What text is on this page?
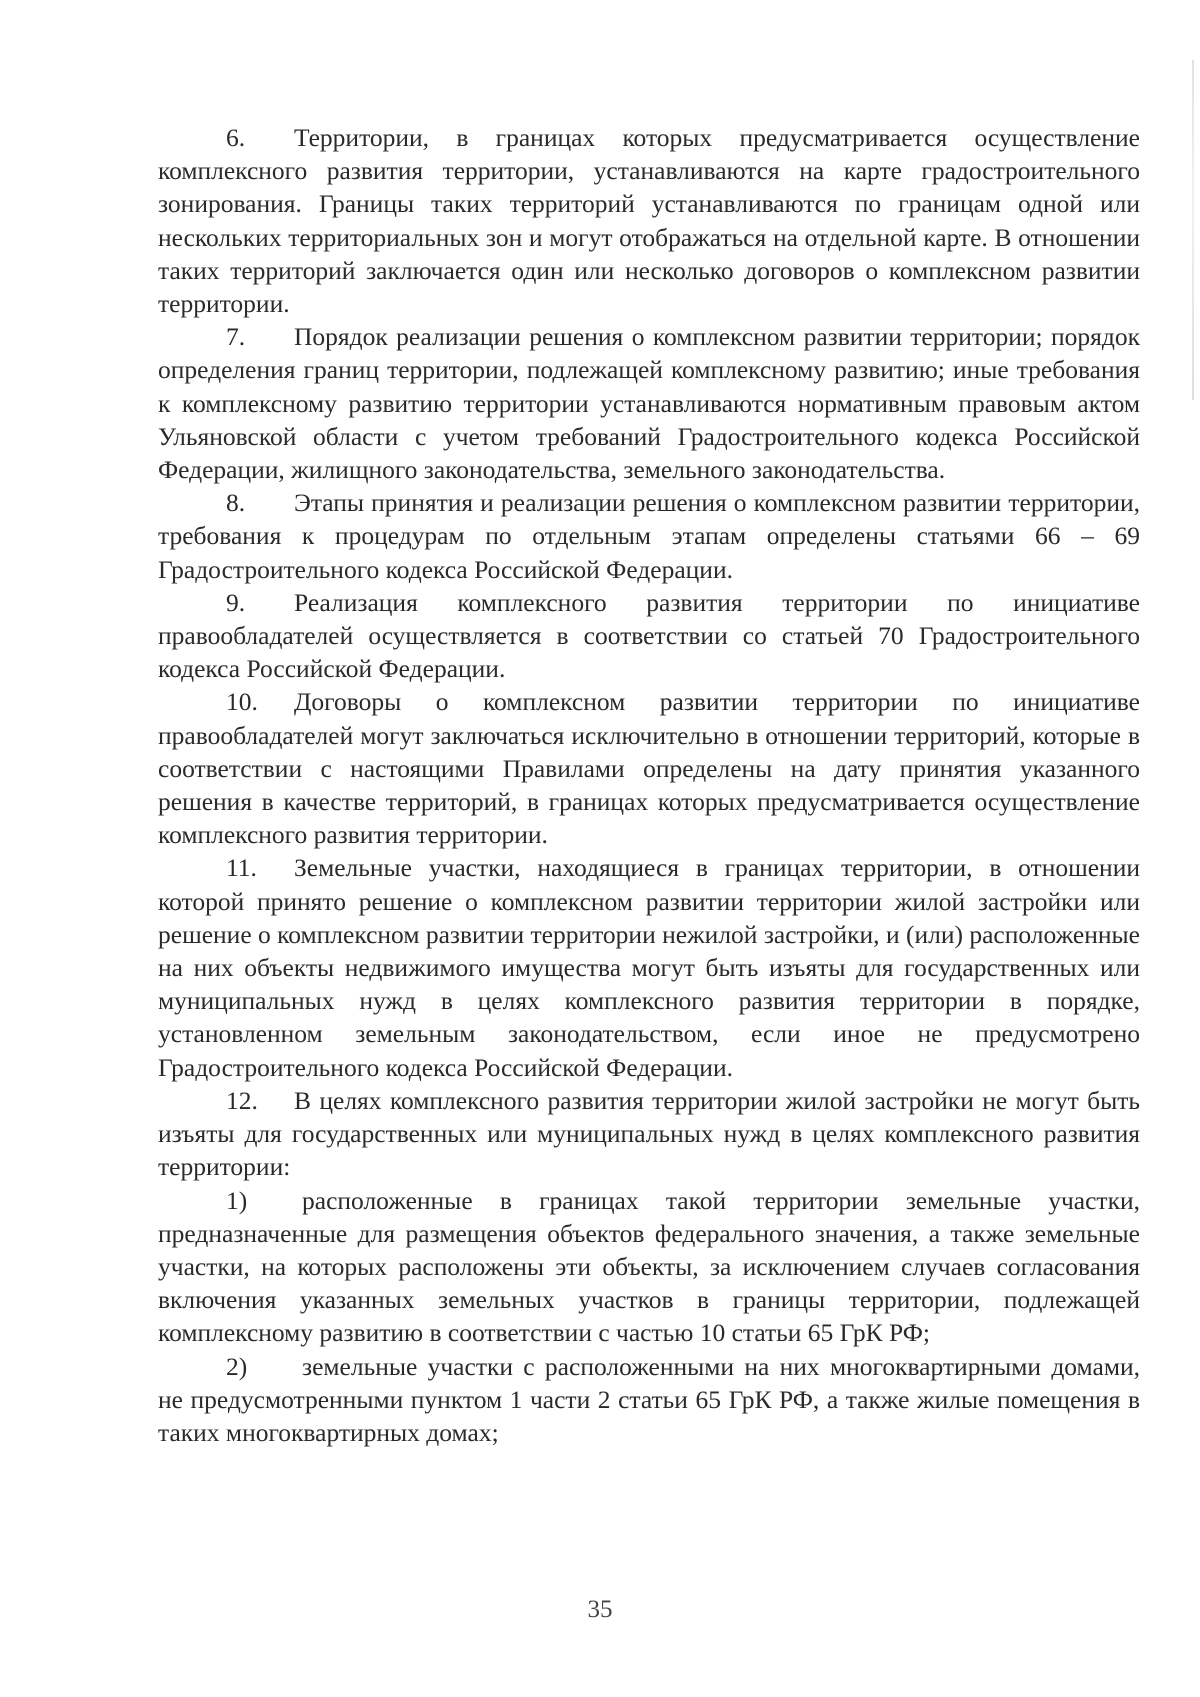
6. Территории, в границах которых предусматривается осуществление комплексного развития территории, устанавливаются на карте градостроительного зонирования. Границы таких территорий устанавливаются по границам одной или нескольких территориальных зон и могут отображаться на отдельной карте. В отношении таких территорий заключается один или несколько договоров о комплексном развитии территории.

7. Порядок реализации решения о комплексном развитии территории; порядок определения границ территории, подлежащей комплексному развитию; иные требования к комплексному развитию территории устанавливаются нормативным правовым актом Ульяновской области с учетом требований Градостроительного кодекса Российской Федерации, жилищного законодательства, земельного законодательства.

8. Этапы принятия и реализации решения о комплексном развитии территории, требования к процедурам по отдельным этапам определены статьями 66 – 69 Градостроительного кодекса Российской Федерации.

9. Реализация комплексного развития территории по инициативе правообладателей осуществляется в соответствии со статьей 70 Градостроительного кодекса Российской Федерации.

10. Договоры о комплексном развитии территории по инициативе правообладателей могут заключаться исключительно в отношении территорий, которые в соответствии с настоящими Правилами определены на дату принятия указанного решения в качестве территорий, в границах которых предусматривается осуществление комплексного развития территории.

11. Земельные участки, находящиеся в границах территории, в отношении которой принято решение о комплексном развитии территории жилой застройки или решение о комплексном развитии территории нежилой застройки, и (или) расположенные на них объекты недвижимого имущества могут быть изъяты для государственных или муниципальных нужд в целях комплексного развития территории в порядке, установленном земельным законодательством, если иное не предусмотрено Градостроительного кодекса Российской Федерации.

12. В целях комплексного развития территории жилой застройки не могут быть изъяты для государственных или муниципальных нужд в целях комплексного развития территории:

1) расположенные в границах такой территории земельные участки, предназначенные для размещения объектов федерального значения, а также земельные участки, на которых расположены эти объекты, за исключением случаев согласования включения указанных земельных участков в границы территории, подлежащей комплексному развитию в соответствии с частью 10 статьи 65 ГрК РФ;

2) земельные участки с расположенными на них многоквартирными домами, не предусмотренными пунктом 1 части 2 статьи 65 ГрК РФ, а также жилые помещения в таких многоквартирных домах;

35
